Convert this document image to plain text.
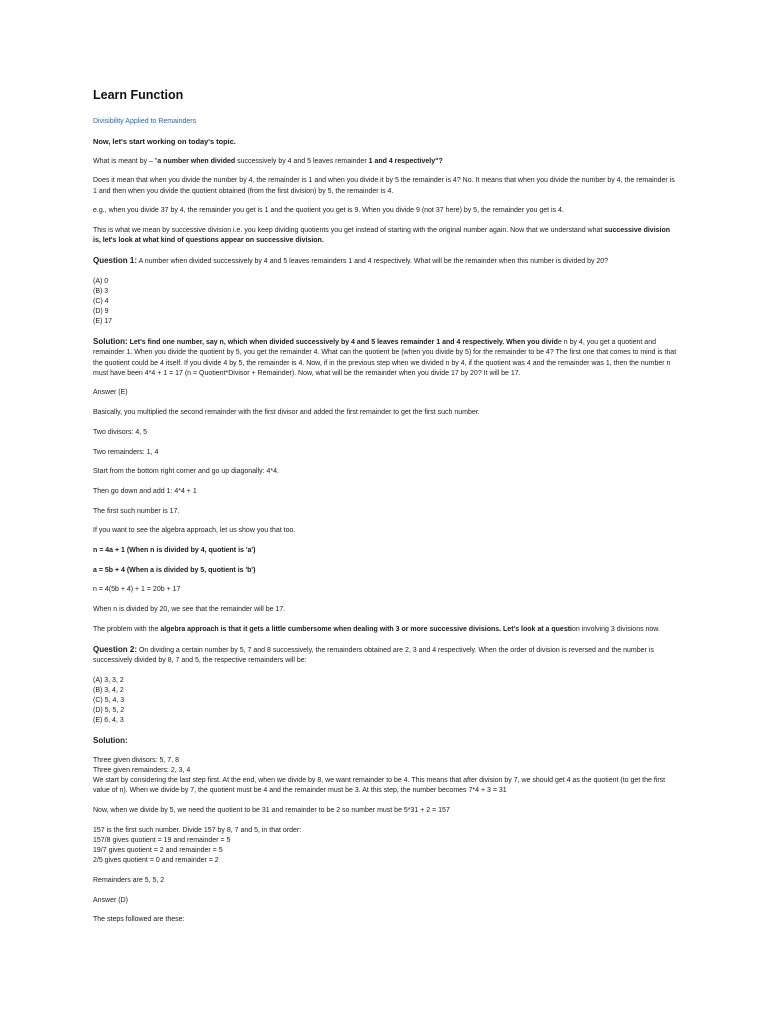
Learn Function
Divisibility Applied to Remainders

Now, let's start working on today's topic.

What is meant by – "a number when divided successively by 4 and 5 leaves remainder 1 and 4 respectively"?

Does it mean that when you divide the number by 4, the remainder is 1 and when you divide it by 5 the remainder is 4? No. It means that when you divide the number by 4, the remainder is 1 and then when you divide the quotient obtained (from the first division) by 5, the remainder is 4.

e.g., when you divide 37 by 4, the remainder you get is 1 and the quotient you get is 9. When you divide 9 (not 37 here) by 5, the remainder you get is 4.

This is what we mean by successive division i.e. you keep dividing quotients you get instead of starting with the original number again. Now that we understand what successive division is, let's look at what kind of questions appear on successive division.

Question 1: A number when divided successively by 4 and 5 leaves remainders 1 and 4 respectively. What will be the remainder when this number is divided by 20?

(A) 0
(B) 3
(C) 4
(D) 9
(E) 17

Solution: Let's find one number, say n, which when divided successively by 4 and 5 leaves remainder 1 and 4 respectively. When you divide n by 4, you get a quotient and remainder 1. When you divide the quotient by 5, you get the remainder 4. What can the quotient be (when you divide by 5) for the remainder to be 4? The first one that comes to mind is that the quotient could be 4 itself. If you divide 4 by 5, the remainder is 4. Now, if in the previous step when we divided n by 4, if the quotient was 4 and the remainder was 1, then the number n must have been 4*4 + 1 = 17 (n = Quotient*Divisor + Remainder). Now, what will be the remainder when you divide 17 by 20? It will be 17.

Answer (E)

Basically, you multiplied the second remainder with the first divisor and added the first remainder to get the first such number.

Two divisors: 4, 5

Two remainders: 1, 4

Start from the bottom right corner and go up diagonally: 4*4.

Then go down and add 1: 4*4 + 1

The first such number is 17.

If you want to see the algebra approach, let us show you that too.

n = 4a + 1 (When n is divided by 4, quotient is 'a')

a = 5b + 4 (When a is divided by 5, quotient is 'b')

n = 4(5b + 4) + 1 = 20b + 17

When n is divided by 20, we see that the remainder will be 17.

The problem with the algebra approach is that it gets a little cumbersome when dealing with 3 or more successive divisions. Let's look at a question involving 3 divisions now.

Question 2: On dividing a certain number by 5, 7 and 8 successively, the remainders obtained are 2, 3 and 4 respectively. When the order of division is reversed and the number is successively divided by 8, 7 and 5, the respective remainders will be:

(A) 3, 3, 2
(B) 3, 4, 2
(C) 5, 4, 3
(D) 5, 5, 2
(E) 6, 4, 3

Solution:

Three given divisors: 5, 7, 8
Three given remainders: 2, 3, 4
We start by considering the last step first. At the end, when we divide by 8, we want remainder to be 4. This means that after division by 7, we should get 4 as the quotient (to get the first value of n). When we divide by 7, the quotient must be 4 and the remainder must be 3. At this step, the number becomes 7*4 + 3 = 31

Now, when we divide by 5, we need the quotient to be 31 and remainder to be 2 so number must be 5*31 + 2 = 157

157 is the first such number. Divide 157 by 8, 7 and 5, in that order:
157/8 gives quotient = 19 and remainder = 5
19/7 gives quotient = 2 and remainder = 5
2/5 gives quotient = 0 and remainder = 2

Remainders are 5, 5, 2

Answer (D)

The steps followed are these:
